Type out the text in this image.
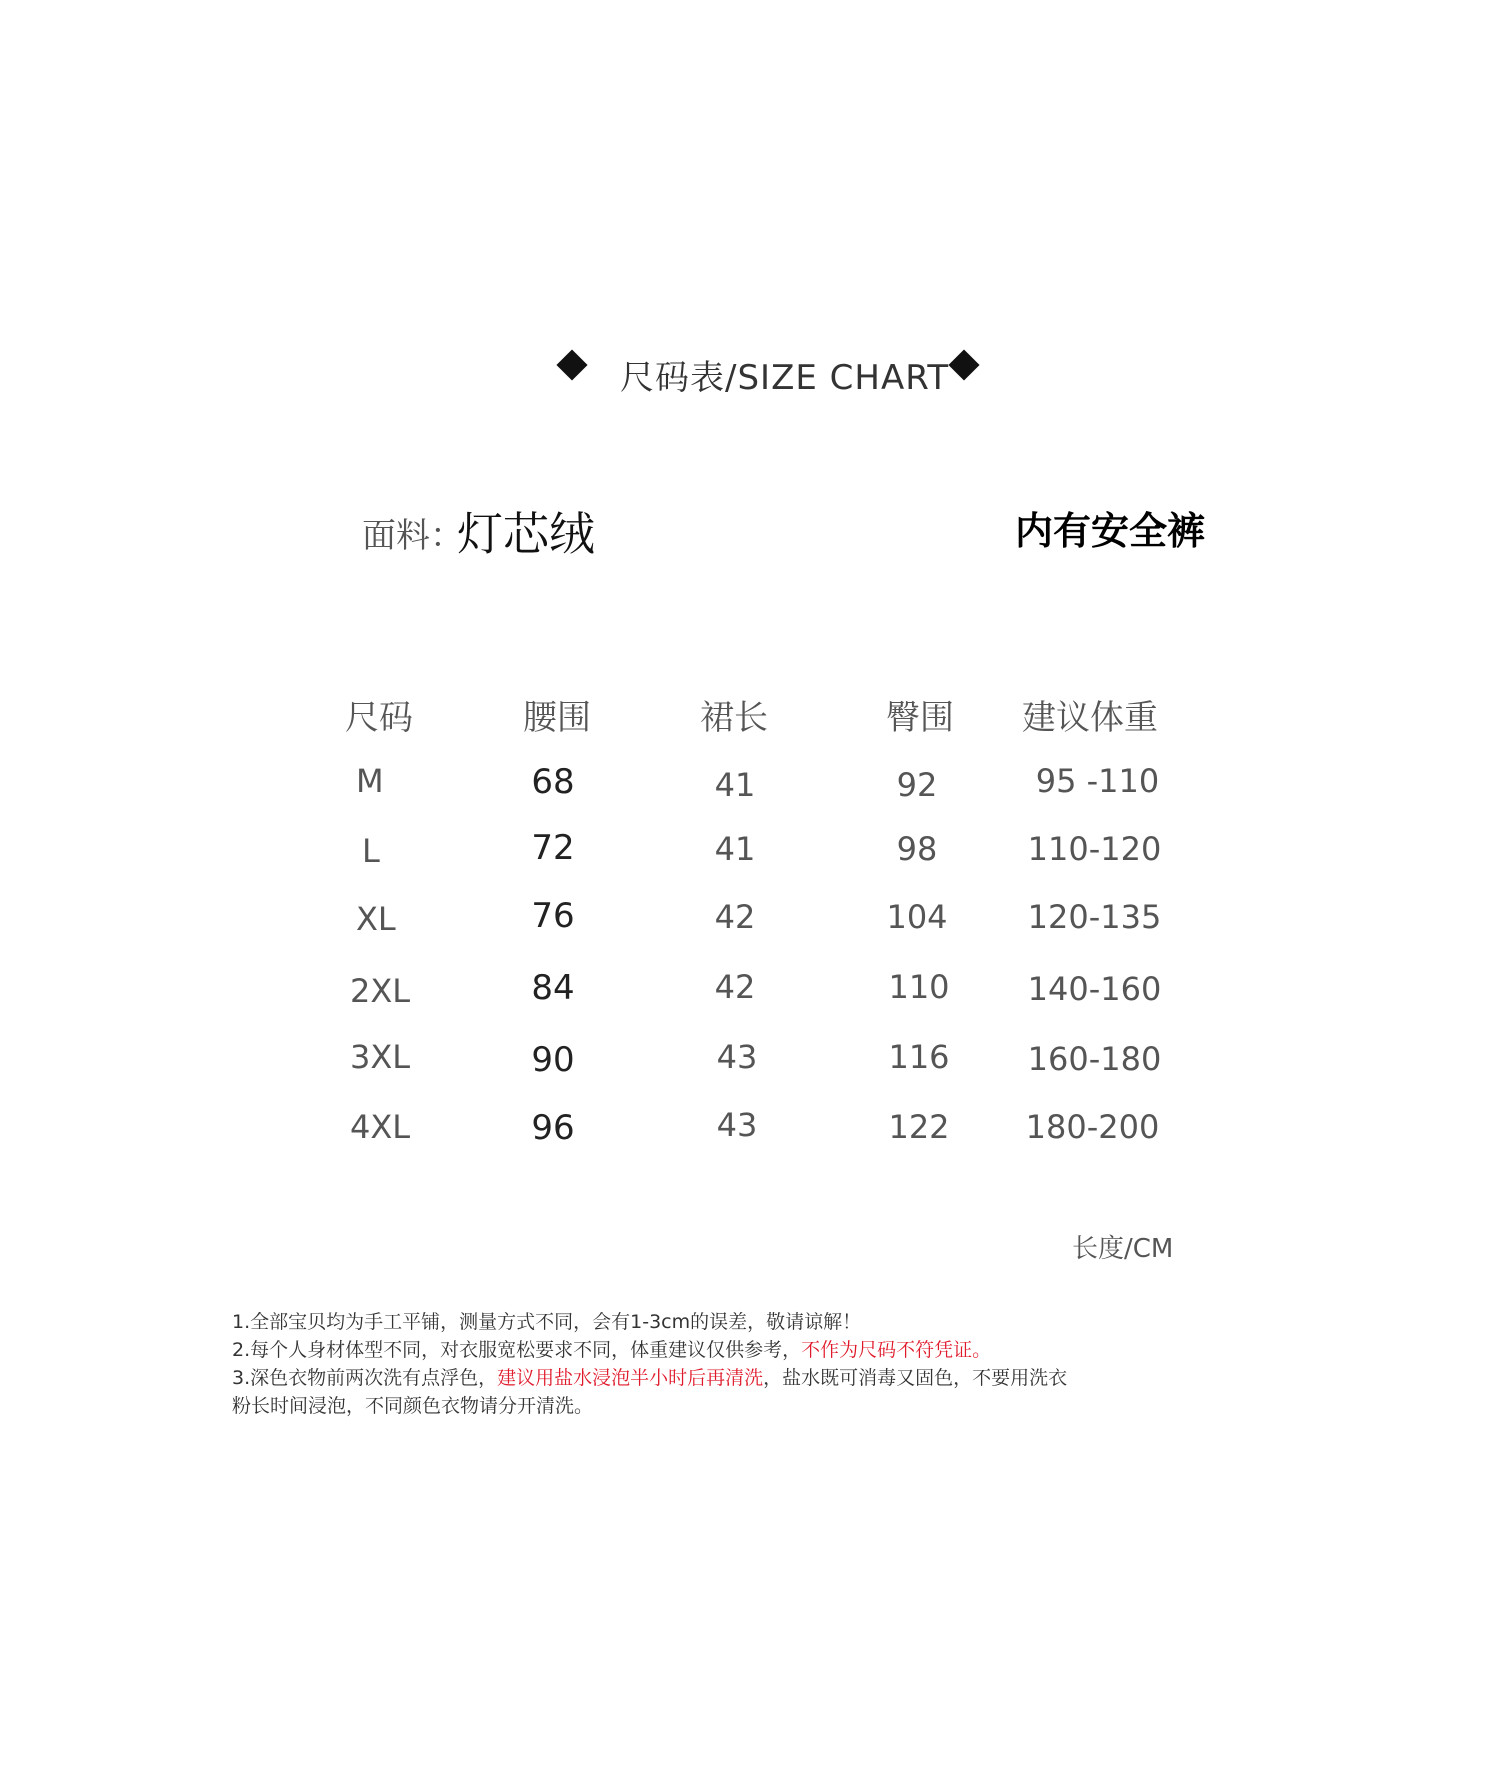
尺码表/SIZE CHART
面料：
灯芯绒	内有安全裤
尺码	腰围	裙长	臀围 建议体重
M	68	41	92	95 -110
L	72	41	98	110-120
XL	76	42	104	120-135
2XL	84	42	110	140-160
3XL	90	43	116	160-180
4XL	96	43	122	180-200
长度/CM
1.全部宝贝均为手工平铺，测量方式不同，会有1-3cm的误差，敬请谅解！
2.每个人身材体型不同，对衣服宽松要求不同，体重建议仅供参考，不作为尺码不符凭证。
3.深色衣物前两次洗有点浮色，建议用盐水浸泡半小时后再清洗，盐水既可消毒又固色，不要用洗衣
粉长时间浸泡，不同颜色衣物请分开清洗。
